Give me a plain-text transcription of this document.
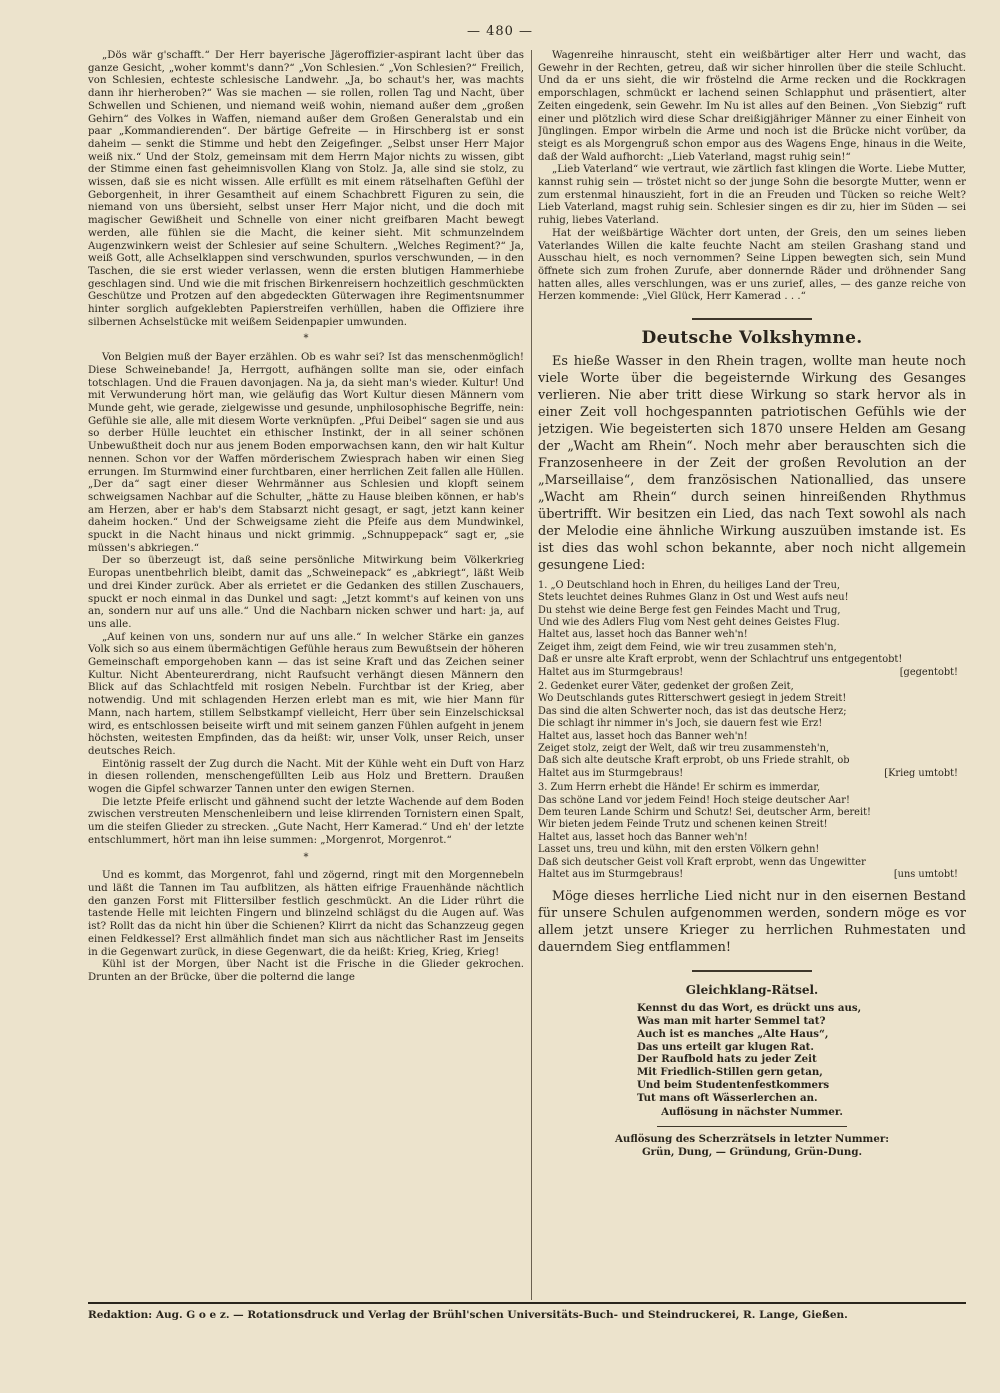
— 480 —

„Dös wär g'schafft.“ Der Herr bayerische Jägeroffizier-aspirant lacht über das ganze Gesicht, „woher kommt's dann?“ „Von Schlesien.“ „Von Schlesien?“ Freilich, von Schlesien, echteste schlesische Landwehr. „Ja, bo schaut's her, was machts dann ihr hierheroben?“ Was sie machen — sie rollen, rollen Tag und Nacht, über Schwellen und Schienen, und niemand weiß wohin, niemand außer dem „großen Gehirn“ des Volkes in Waffen, niemand außer dem Großen Generalstab und ein paar „Kommandierenden“. Der bärtige Gefreite — in Hirschberg ist er sonst daheim — senkt die Stimme und hebt den Zeigefinger. „Selbst unser Herr Major weiß nix.“ Und der Stolz, gemeinsam mit dem Herrn Major nichts zu wissen, gibt der Stimme einen fast geheimnisvollen Klang von Stolz. Ja, alle sind sie stolz, zu wissen, daß sie es nicht wissen. Alle erfüllt es mit einem rätselhaften Gefühl der Geborgenheit, in ihrer Gesamtheit auf einem Schachbrett Figuren zu sein, die niemand von uns übersieht, selbst unser Herr Major nicht, und die doch mit magischer Gewißheit und Schnelle von einer nicht greifbaren Macht bewegt werden, alle fühlen sie die Macht, die keiner sieht. Mit schmunzelndem Augenzwinkern weist der Schlesier auf seine Schultern. „Welches Regiment?“ Ja, weiß Gott, alle Achselklappen sind verschwunden, spurlos verschwunden, — in den Taschen, die sie erst wieder verlassen, wenn die ersten blutigen Hammerhiebe geschlagen sind. Und wie die mit frischen Birkenreisern hochzeitlich geschmückten Geschütze und Protzen auf den abgedeckten Güterwagen ihre Regimentsnummer hinter sorglich aufgeklebten Papierstreifen verhüllen, haben die Offiziere ihre silbernen Achselstücke mit weißem Seidenpapier umwunden.

*

Von Belgien muß der Bayer erzählen. Ob es wahr sei? Ist das menschenmöglich! Diese Schweinebande! Ja, Herrgott, aufhängen sollte man sie, oder einfach totschlagen. Und die Frauen davonjagen. Na ja, da sieht man's wieder. Kultur! Und mit Verwunderung hört man, wie geläufig das Wort Kultur diesen Männern vom Munde geht, wie gerade, zielgewisse und gesunde, unphilosophische Begriffe, nein: Gefühle sie alle, alle mit diesem Worte verknüpfen. „Pfui Deibel“ sagen sie und aus so derber Hülle leuchtet ein ethischer Instinkt, der in all seiner schönen Unbewußtheit doch nur aus jenem Boden emporwachsen kann, den wir halt Kultur nennen. Schon vor der Waffen mörderischem Zwiesprach haben wir einen Sieg errungen. Im Sturmwind einer furchtbaren, einer herrlichen Zeit fallen alle Hüllen. „Der da“ sagt einer dieser Wehrmänner aus Schlesien und klopft seinem schweigsamen Nachbar auf die Schulter, „hätte zu Hause bleiben können, er hab's am Herzen, aber er hab's dem Stabsarzt nicht gesagt, er sagt, jetzt kann keiner daheim hocken.“ Und der Schweigsame zieht die Pfeife aus dem Mundwinkel, spuckt in die Nacht hinaus und nickt grimmig. „Schnuppepack“ sagt er, „sie müssen's abkriegen.“

Der so überzeugt ist, daß seine persönliche Mitwirkung beim Völkerkrieg Europas unentbehrlich bleibt, damit das „Schweinepack“ es „abkriegt“, läßt Weib und drei Kinder zurück. Aber als errietet er die Gedanken des stillen Zuschauers, spuckt er noch einmal in das Dunkel und sagt: „Jetzt kommt's auf keinen von uns an, sondern nur auf uns alle.“ Und die Nachbarn nicken schwer und hart: ja, auf uns alle.

„Auf keinen von uns, sondern nur auf uns alle.“ In welcher Stärke ein ganzes Volk sich so aus einem übermächtigen Gefühle heraus zum Bewußtsein der höheren Gemeinschaft emporgehoben kann — das ist seine Kraft und das Zeichen seiner Kultur. Nicht Abenteurerdrang, nicht Raufsucht verhängt diesen Männern den Blick auf das Schlachtfeld mit rosigen Nebeln. Furchtbar ist der Krieg, aber notwendig. Und mit schlagenden Herzen erlebt man es mit, wie hier Mann für Mann, nach hartem, stillem Selbstkampf vielleicht, Herr über sein Einzelschicksal wird, es entschlossen beiseite wirft und mit seinem ganzen Fühlen aufgeht in jenem höchsten, weitesten Empfinden, das da heißt: wir, unser Volk, unser Reich, unser deutsches Reich.

Eintönig rasselt der Zug durch die Nacht. Mit der Kühle weht ein Duft von Harz in diesen rollenden, menschengefüllten Leib aus Holz und Brettern. Draußen wogen die Gipfel schwarzer Tannen unter den ewigen Sternen.

Die letzte Pfeife erlischt und gähnend sucht der letzte Wachende auf dem Boden zwischen verstreuten Menschenleibern und leise klirrenden Tornistern einen Spalt, um die steifen Glieder zu strecken. „Gute Nacht, Herr Kamerad.“ Und eh' der letzte entschlummert, hört man ihn leise summen: „Morgenrot, Morgenrot.“

*

Und es kommt, das Morgenrot, fahl und zögernd, ringt mit den Morgennebeln und läßt die Tannen im Tau aufblitzen, als hätten eifrige Frauenhände nächtlich den ganzen Forst mit Flittersilber festlich geschmückt. An die Lider rührt die tastende Helle mit leichten Fingern und blinzelnd schlägst du die Augen auf. Was ist? Rollt das da nicht hin über die Schienen? Klirrt da nicht das Schanzzeug gegen einen Feldkessel? Erst allmählich findet man sich aus nächtlicher Rast im Jenseits in die Gegenwart zurück, in diese Gegenwart, die da heißt: Krieg, Krieg, Krieg!

Kühl ist der Morgen, über Nacht ist die Frische in die Glieder gekrochen. Drunten an der Brücke, über die polternd die lange

Wagenreihe hinrauscht, steht ein weißbärtiger alter Herr und wacht, das Gewehr in der Rechten, getreu, daß wir sicher hinrollen über die steile Schlucht. Und da er uns sieht, die wir fröstelnd die Arme recken und die Rockkragen emporschlagen, schmückt er lachend seinen Schlapphut und präsentiert, alter Zeiten eingedenk, sein Gewehr. Im Nu ist alles auf den Beinen. „Von Siebzig“ ruft einer und plötzlich wird diese Schar dreißigjähriger Männer zu einer Einheit von Jünglingen. Empor wirbeln die Arme und noch ist die Brücke nicht vorüber, da steigt es als Morgengruß schon empor aus des Wagens Enge, hinaus in die Weite, daß der Wald aufhorcht: „Lieb Vaterland, magst ruhig sein!“

„Lieb Vaterland“ wie vertraut, wie zärtlich fast klingen die Worte. Liebe Mutter, kannst ruhig sein — tröstet nicht so der junge Sohn die besorgte Mutter, wenn er zum erstenmal hinauszieht, fort in die an Freuden und Tücken so reiche Welt? Lieb Vaterland, magst ruhig sein. Schlesier singen es dir zu, hier im Süden — sei ruhig, liebes Vaterland.

Hat der weißbärtige Wächter dort unten, der Greis, den um seines lieben Vaterlandes Willen die kalte feuchte Nacht am steilen Grashang stand und Ausschau hielt, es noch vernommen? Seine Lippen bewegten sich, sein Mund öffnete sich zum frohen Zurufe, aber donnernde Räder und dröhnender Sang hatten alles, alles verschlungen, was er uns zurief, alles, — des ganze reiche von Herzen kommende: „Viel Glück, Herr Kamerad . . .“

Deutsche Volkshymne.

Es hieße Wasser in den Rhein tragen, wollte man heute noch viele Worte über die begeisternde Wirkung des Gesanges verlieren. Nie aber tritt diese Wirkung so stark hervor als in einer Zeit voll hochgespannten patriotischen Gefühls wie der jetzigen. Wie begeisterten sich 1870 unsere Helden am Gesang der „Wacht am Rhein“. Noch mehr aber berauschten sich die Franzosenheere in der Zeit der großen Revolution an der „Marseillaise“, dem französischen Nationallied, das unsere „Wacht am Rhein“ durch seinen hinreißenden Rhythmus übertrifft. Wir besitzen ein Lied, das nach Text sowohl als nach der Melodie eine ähnliche Wirkung auszuüben imstande ist. Es ist dies das wohl schon bekannte, aber noch nicht allgemein gesungene Lied:

1. „O Deutschland hoch in Ehren, du heiliges Land der Treu,
Stets leuchtet deines Ruhmes Glanz in Ost und West aufs neu!
Du stehst wie deine Berge fest gen Feindes Macht und Trug,
Und wie des Adlers Flug vom Nest geht deines Geistes Flug.
Haltet aus, lasset hoch das Banner weh'n!
Zeiget ihm, zeigt dem Feind, wie wir treu zusammen steh'n,
Daß er unsre alte Kraft erprobt, wenn der Schlachtruf uns entgegentobt!
Haltet aus im Sturmgebraus!	[gegentobt!
2. Gedenket eurer Väter, gedenket der großen Zeit,
Wo Deutschlands gutes Ritterschwert gesiegt in jedem Streit!
Das sind die alten Schwerter noch, das ist das deutsche Herz;
Die schlagt ihr nimmer in's Joch, sie dauern fest wie Erz!
Haltet aus, lasset hoch das Banner weh'n!
Zeiget stolz, zeigt der Welt, daß wir treu zusammensteh'n,
Daß sich alte deutsche Kraft erprobt, ob uns Friede strahlt, ob
Haltet aus im Sturmgebraus!	[Krieg umtobt!
3. Zum Herrn erhebt die Hände! Er schirm es immerdar,
Das schöne Land vor jedem Feind! Hoch steige deutscher Aar!
Dem teuren Lande Schirm und Schutz! Sei, deutscher Arm, bereit!
Wir bieten jedem Feinde Trutz und schenen keinen Streit!
Haltet aus, lasset hoch das Banner weh'n!
Lasset uns, treu und kühn, mit den ersten Völkern gehn!
Daß sich deutscher Geist voll Kraft erprobt, wenn das Ungewitter
Haltet aus im Sturmgebraus!	[uns umtobt!

Möge dieses herrliche Lied nicht nur in den eisernen Bestand für unsere Schulen aufgenommen werden, sondern möge es vor allem jetzt unsere Krieger zu herrlichen Ruhmestaten und dauerndem Sieg entflammen!

Gleichklang-Rätsel.
Kennst du das Wort, es drückt uns aus,
Was man mit harter Semmel tat?
Auch ist es manches „Alte Haus“,
Das uns erteilt gar klugen Rat.
Der Raufbold hats zu jeder Zeit
Mit Friedlich-Stillen gern getan,
Und beim Studentenfestkommers
Tut mans oft Wässerlerchen an.
Auflösung in nächster Nummer.
Auflösung des Scherzrätsels in letzter Nummer:
Grün, Dung, — Gründung, Grün-Dung.
Redaktion: Aug. G o e z. — Rotationsdruck und Verlag der Brühl'schen Universitäts-Buch- und Steindruckerei, R. Lange, Gießen.
